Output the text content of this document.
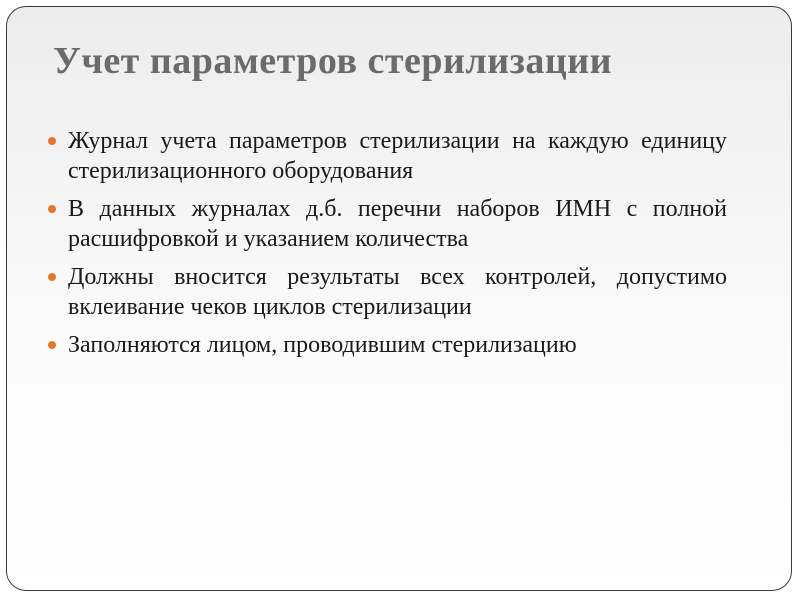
Учет параметров стерилизации
Журнал учета параметров стерилизации на каждую единицу стерилизационного оборудования
В данных журналах д.б. перечни наборов ИМН с полной расшифровкой и указанием количества
Должны вносится результаты всех контролей, допустимо вклеивание чеков циклов стерилизации
Заполняются лицом, проводившим стерилизацию
